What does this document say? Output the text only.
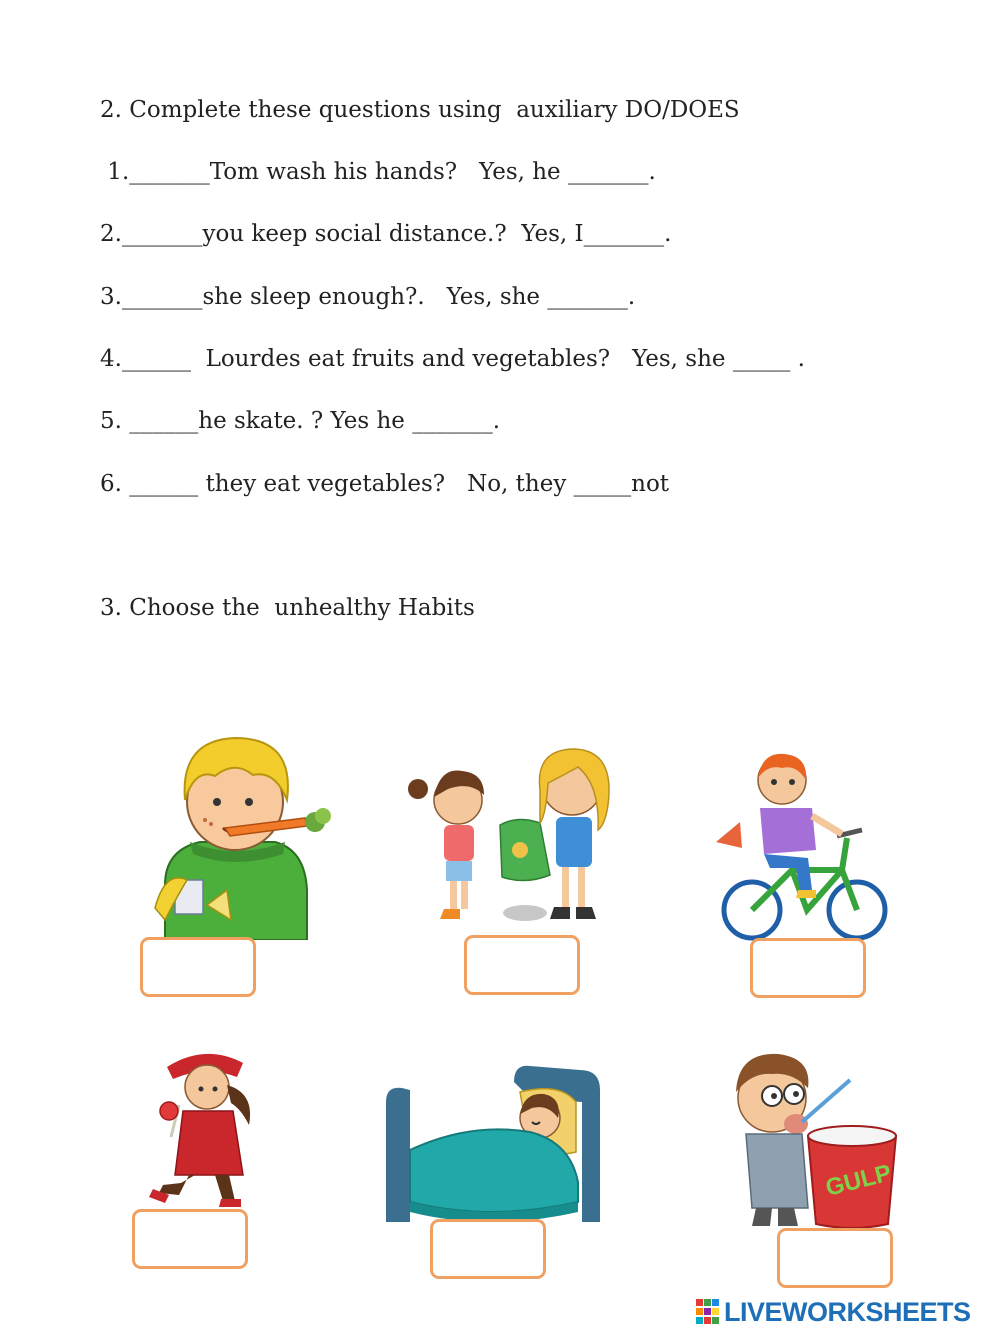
2. Complete these questions using  auxiliary DO/DOES
1._______Tom wash his hands?   Yes, he _______.
2._______you keep social distance.?  Yes, I_______.
3._______she sleep enough?.   Yes, she _______.
4.______  Lourdes eat fruits and vegetables?   Yes, she _____ .
5. ______he skate. ? Yes he _______.
6. ______ they eat vegetables?   No, they _____not
3. Choose the  unhealthy Habits
GULP
LIVEWORKSHEETS
